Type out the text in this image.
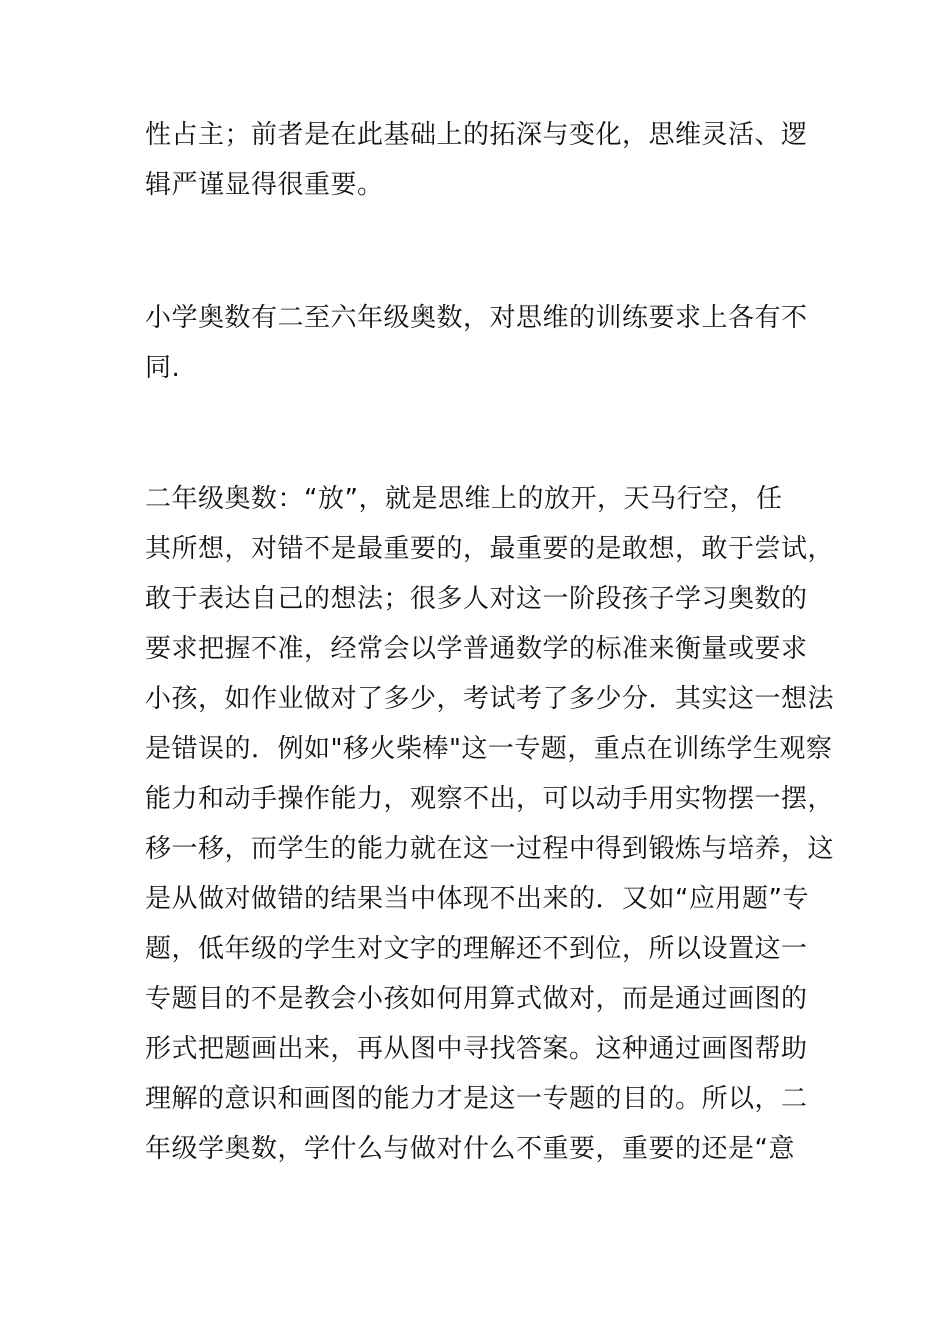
性占主；前者是在此基础上的拓深与变化，思维灵活、逻
辑严谨显得很重要。

小学奥数有二至六年级奥数，对思维的训练要求上各有不
同.

二年级奥数：“放”，就是思维上的放开，天马行空，任
其所想，对错不是最重要的，最重要的是敢想，敢于尝试，
敢于表达自己的想法；很多人对这一阶段孩子学习奥数的
要求把握不准，经常会以学普通数学的标准来衡量或要求
小孩，如作业做对了多少，考试考了多少分．其实这一想法
是错误的．例如"移火柴棒"这一专题，重点在训练学生观察
能力和动手操作能力，观察不出，可以动手用实物摆一摆，
移一移，而学生的能力就在这一过程中得到锻炼与培养，这
是从做对做错的结果当中体现不出来的．又如“应用题”专
题，低年级的学生对文字的理解还不到位，所以设置这一
专题目的不是教会小孩如何用算式做对，而是通过画图的
形式把题画出来，再从图中寻找答案。这种通过画图帮助
理解的意识和画图的能力才是这一专题的目的。所以，二
年级学奥数，学什么与做对什么不重要，重要的还是“意
